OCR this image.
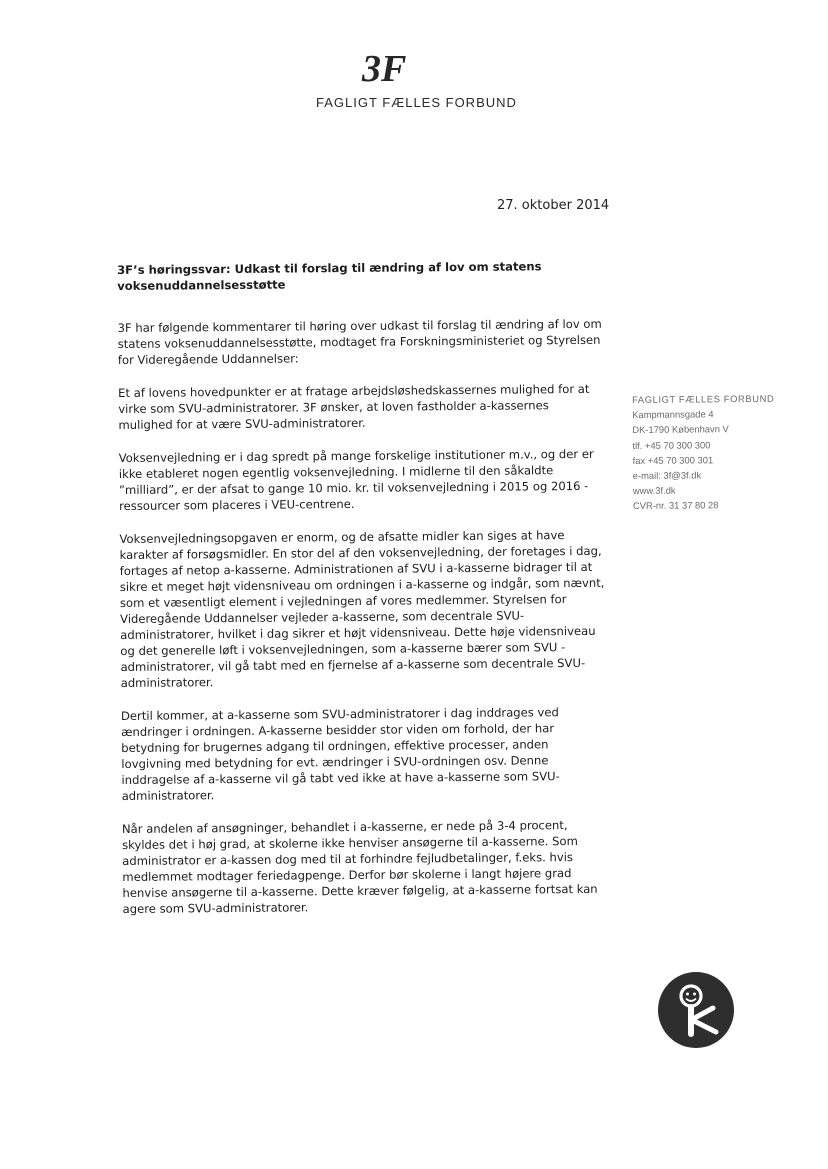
3F
FAGLIGT FÆLLES FORBUND
27. oktober 2014
3F’s høringssvar: Udkast til forslag til ændring af lov om statens
voksenuddannelsesstøtte

3F har følgende kommentarer til høring over udkast til forslag til ændring af lov om statens voksenuddannelsesstøtte, modtaget fra Forskningsministeriet og Styrelsen for Videregående Uddannelser:

Et af lovens hovedpunkter er at fratage arbejdsløshedskassernes mulighed for at virke som SVU-administratorer. 3F ønsker, at loven fastholder a-kassernes mulighed for at være SVU-administratorer.

Voksenvejledning er i dag spredt på mange forskelige institutioner m.v., og der er ikke etableret nogen egentlig voksenvejledning. I midlerne til den såkaldte ”milliard”, er der afsat to gange 10 mio. kr. til voksenvejledning i 2015 og 2016 - ressourcer som placeres i VEU-centrene.

Voksenvejledningsopgaven er enorm, og de afsatte midler kan siges at have karakter af forsøgsmidler. En stor del af den voksenvejledning, der foretages i dag, fortages af netop a-kasserne. Administrationen af SVU i a-kasserne bidrager til at sikre et meget højt vidensniveau om ordningen i a-kasserne og indgår, som nævnt, som et væsentligt element i vejledningen af vores medlemmer. Styrelsen for Videregående Uddannelser vejleder a-kasserne, som decentrale SVU-administratorer, hvilket i dag sikrer et højt vidensniveau. Dette høje vidensniveau og det generelle løft i voksenvejledningen, som a-kasserne bærer som SVU -administratorer, vil gå tabt med en fjernelse af a-kasserne som decentrale SVU-administratorer.

Dertil kommer, at a-kasserne som SVU-administratorer i dag inddrages ved ændringer i ordningen. A-kasserne besidder stor viden om forhold, der har betydning for brugernes adgang til ordningen, effektive processer, anden lovgivning med betydning for evt. ændringer i SVU-ordningen osv. Denne inddragelse af a-kasserne vil gå tabt ved ikke at have a-kasserne som SVU-administratorer.

Når andelen af ansøgninger, behandlet i a-kasserne, er nede på 3-4 procent, skyldes det i høj grad, at skolerne ikke henviser ansøgerne til a-kasserne. Som administrator er a-kassen dog med til at forhindre fejludbetalinger, f.eks. hvis medlemmet modtager feriedagpenge. Derfor bør skolerne i langt højere grad henvise ansøgerne til a-kasserne. Dette kræver følgelig, at a-kasserne fortsat kan agere som SVU-administratorer.

FAGLIGT FÆLLES FORBUND
Kampmannsgade 4
DK-1790 København V
tlf. +45 70 300 300
fax +45 70 300 301
e-mail: 3f@3f.dk
www.3f.dk
CVR-nr. 31 37 80 28
